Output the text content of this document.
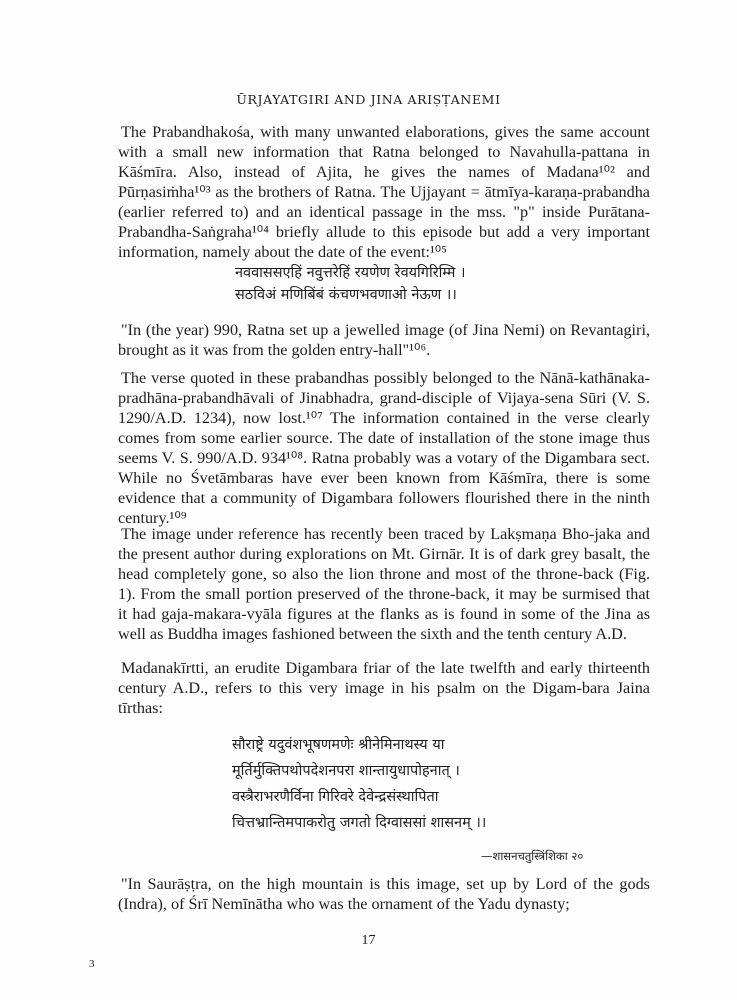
ŪRJAYATGIRI AND JINA ARIṢṬANEMI

The Prabandhakośa, with many unwanted elaborations, gives the same account with a small new information that Ratna belonged to Navahulla-pattana in Kāśmīra. Also, instead of Ajita, he gives the names of Madana¹⁰² and Pūrṇasiṁha¹⁰³ as the brothers of Ratna. The Ujjayant = ātmīya-karaṇa-prabandha (earlier referred to) and an identical passage in the mss. "p" inside Purātana-Prabandha-Saṅgraha¹⁰⁴ briefly allude to this episode but add a very important information, namely about the date of the event:¹⁰⁵

नववाससएहिं नवुत्तरेहिं रयणेण रेवयगिरिम्मि ।
सठविअं मणिबिंबं कंचणभवणाओ नेऊण ।।

"In (the year) 990, Ratna set up a jewelled image (of Jina Nemi) on Revantagiri, brought as it was from the golden entry-hall"¹⁰⁶.

The verse quoted in these prabandhas possibly belonged to the Nānā-kathānaka-pradhāna-prabandhāvali of Jinabhadra, grand-disciple of Vijaya-sena Sūri (V. S. 1290/A.D. 1234), now lost.¹⁰⁷ The information contained in the verse clearly comes from some earlier source. The date of installation of the stone image thus seems V. S. 990/A.D. 934¹⁰⁸. Ratna probably was a votary of the Digambara sect. While no Śvetāmbaras have ever been known from Kāśmīra, there is some evidence that a community of Digambara followers flourished there in the ninth century.¹⁰⁹

The image under reference has recently been traced by Lakṣmaṇa Bho-jaka and the present author during explorations on Mt. Girnār. It is of dark grey basalt, the head completely gone, so also the lion throne and most of the throne-back (Fig. 1). From the small portion preserved of the throne-back, it may be surmised that it had gaja-makara-vyāla figures at the flanks as is found in some of the Jina as well as Buddha images fashioned between the sixth and the tenth century A.D.

Madanakīrtti, an erudite Digambara friar of the late twelfth and early thirteenth century A.D., refers to this very image in his psalm on the Digam-bara Jaina tīrthas:

सौराष्ट्रे यदुवंशभूषणमणेः श्रीनेमिनाथस्य या
मूर्तिर्मुक्तिपथोपदेशनपरा शान्तायुधापोहनात् ।
वस्त्रैराभरणैर्विना गिरिवरे देवेन्द्रसंस्थापिता
चित्तभ्रान्तिमपाकरोतु जगतो दिग्वाससां शासनम् ।।
—शासनचतुस्त्रिंशिका २०

"In Saurāṣṭra, on the high mountain is this image, set up by Lord of the gods (Indra), of Śrī Nemīnātha who was the ornament of the Yadu dynasty;

17
3
